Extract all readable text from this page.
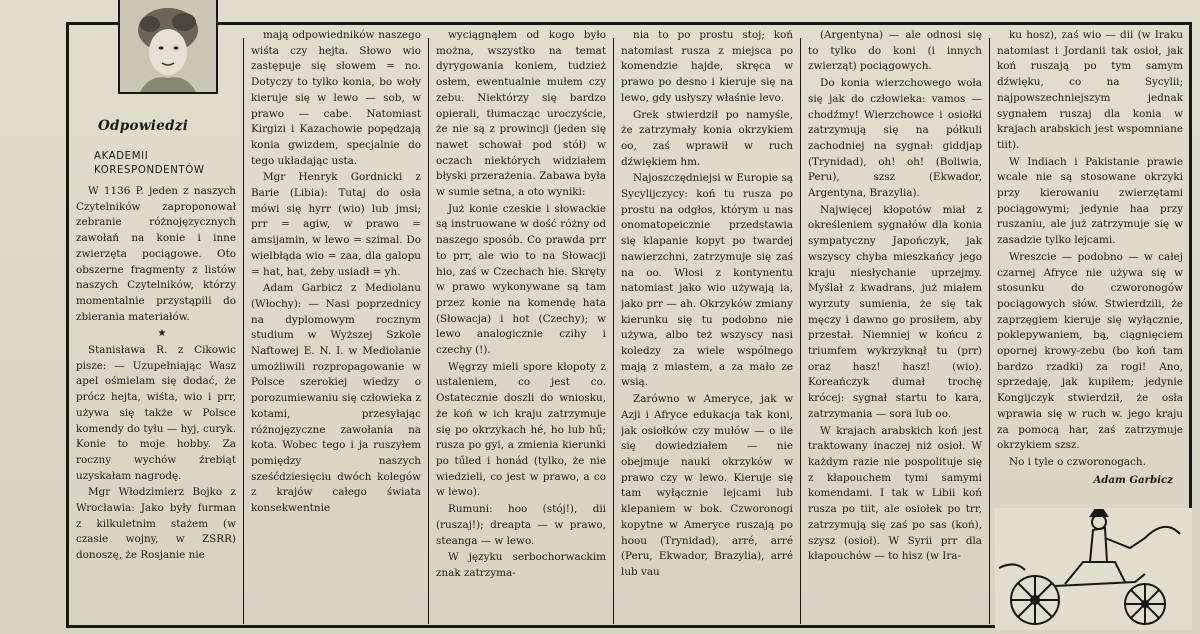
Odpowiedzi
AKADEMII
KORESPONDENTÓW

W 1136 P. jeden z naszych Czytelników zaproponował zebranie różnojęzycznych zawołań na konie i inne zwierzęta pociągowe. Oto obszerne fragmenty z listów naszych Czytelników, którzy momentalnie przystąpili do zbierania materiałów.

★

Stanisława R. z Cikowic pisze: — Uzupełniając Wasz apel ośmielam się dodać, że prócz hejta, wiśta, wio i prr, używa się także w Polsce komendy do tyłu — hyj, curyk. Konie to moje hobby. Za roczny wychów źrebiąt uzyskałam nagrodę.

Mgr Włodzimierz Bojko z Wrocławia: Jako były furman z kilkuletnim stażem (w czasie wojny, w ZSRR) donoszę, że Rosjanie nie

mają odpowiedników naszego wiśta czy hejta. Słowo wio zastępuje się słowem = no. Dotyczy to tylko konia, bo woły kieruje się w lewo — sob, w prawo — cabe. Natomiast Kirgizi i Kazachowie popędzają konia gwizdem, specjalnie do tego układając usta.

Mgr Henryk Gordnicki z Barie (Libia): Tutaj do osła mówi się hyrr (wio) lub jmsi; prr = agiw, w prawo = amsijamin, w lewo = szimal. Do wielbłąda wio = zaa, dla galopu = hat, hat, żeby usiadł = yh.

Adam Garbicz z Mediolanu (Włochy): — Nasi poprzednicy na dyplomowym rocznym studium w Wyższej Szkole Naftowej E. N. I. w Mediolanie umożliwili rozpropagowanie w Polsce szerokiej wiedzy o porozumiewaniu się człowieka z kotami, przesyłając różnojęzyczne zawołania na kota. Wobec tego i ja ruszyłem pomiędzy naszych sześćdziesięciu dwóch kolegów z krajów całego świata konsekwentnie

wyciągnąłem od kogo było można, wszystko na temat dyrygowania koniem, tudzież osłem, ewentualnie mułem czy zebu. Niektórzy się bardzo opierali, tłumacząc uroczyście, że nie są z prowincji (jeden się nawet schował pod stół) w oczach niektórych widziałem błyski przerażenia. Zabawa była w sumie setna, a oto wyniki:

Już konie czeskie i słowackie są instruowane w dość różny od naszego sposób. Co prawda prr to prr, ale wio to na Słowacji hio, zaś w Czechach hie. Skręty w prawo wykonywane są tam przez konie na komendę hata (Słowacja) i hot (Czechy); w lewo analogicznie czihy i czechy (!).

Węgrzy mieli spore kłopoty z ustaleniem, co jest co. Ostatecznie doszli do wniosku, że koń w ich kraju zatrzymuje się po okrzykach hé, ho lub hű; rusza po gyi, a zmienia kierunki po tűled i honád (tylko, że nie wiedzieli, co jest w prawo, a co w lewo).

Rumuni: hoo (stój!), dii (ruszaj!); dreapta — w prawo, steanga — w lewo.

W języku serbochorwackim znak zatrzyma-

nia to po prostu stoj; koń natomiast rusza z miejsca po komendzie hajde, skręca w prawo po desno i kieruje się na lewo, gdy usłyszy właśnie levo.

Grek stwierdził po namyśle, że zatrzymały konia okrzykiem oo, zaś wprawił w ruch dźwiękiem hm.

Najoszczędniejsi w Europie są Sycylijczycy: koń tu rusza po prostu na odgłos, którym u nas onomatopeicznie przedstawia się klapanie kopyt po twardej nawierzchni, zatrzymuje się zaś na oo. Włosi z kontynentu natomiast jako wio używają ia, jako prr — ah. Okrzyków zmiany kierunku się tu podobno nie używa, albo też wszyscy nasi koledzy za wiele wspólnego mają z miastem, a za mało ze wsią.

Zarówno w Ameryce, jak w Azji i Afryce edukacja tak koni, jak osiołków czy mułów — o ile się dowiedziałem — nie obejmuje nauki okrzyków w prawo czy w lewo. Kieruje się tam wyłącznie lejcami lub klepaniem w bok. Czworonogi kopytne w Ameryce ruszają po hoou (Trynidad), arré, arré (Peru, Ekwador, Brazylia), arré lub vau

(Argentyna) — ale odnosi się to tylko do koni (i innych zwierząt) pociągowych.

Do konia wierzchowego woła się jak do człowieka: vamos — chodźmy! Wierzchowce i osiołki zatrzymują się na półkuli zachodniej na sygnał: giddjap (Trynidad), oh! oh! (Boliwia, Peru), szsz (Ekwador, Argentyna, Brazylia).

Najwięcej kłopotów miał z określeniem sygnałów dla konia sympatyczny Japończyk, jak wszyscy chyba mieszkańcy jego kraju niesłychanie uprzejmy. Myślał z kwadrans, już miałem wyrzuty sumienia, że się tak męczy i dawno go prosiłem, aby przestał. Niemniej w końcu z triumfem wykrzyknął tu (prr) oraz hasz! hasz! (wio). Koreańczyk dumał trochę krócej: sygnał startu to kara, zatrzymania — sora lub oo.

W krajach arabskich koń jest traktowany inaczej niż osioł. W każdym razie nie pospolituje się z kłapouchem tymi samymi komendami. I tak w Libii koń rusza po tiit, ale osiołek po trr, zatrzymują się zaś po sas (koń), szysz (osioł). W Syrii prr dla kłapouchów — to hisz (w Ira-

ku hosz), zaś wio — dii (w Iraku natomiast i Jordanii tak osioł, jak koń ruszają po tym samym dźwięku, co na Sycylii; najpowszechniejszym jednak sygnałem ruszaj dla konia w krajach arabskich jest wspomniane tiit).

W Indiach i Pakistanie prawie wcale nie są stosowane okrzyki przy kierowaniu zwierzętami pociągowymi; jedynie haa przy ruszaniu, ale już zatrzymuje się w zasadzie tylko lejcami.

Wreszcie — podobno — w całej czarnej Afryce nie używa się w stosunku do czworonogów pociągowych słów. Stwierdzili, że zaprzęgiem kieruje się wyłącznie, poklepywaniem, bą, ciągnięciem opornej krowy-zebu (bo koń tam bardzo rzadki) za rogi! Ano, sprzedaję, jak kupiłem; jedynie Kongijczyk stwierdził, że osła wprawia się w ruch w. jego kraju za pomocą har, zaś zatrzymuje okrzykiem szsz.

No i tyle o czworonogach.

Adam Garbicz
